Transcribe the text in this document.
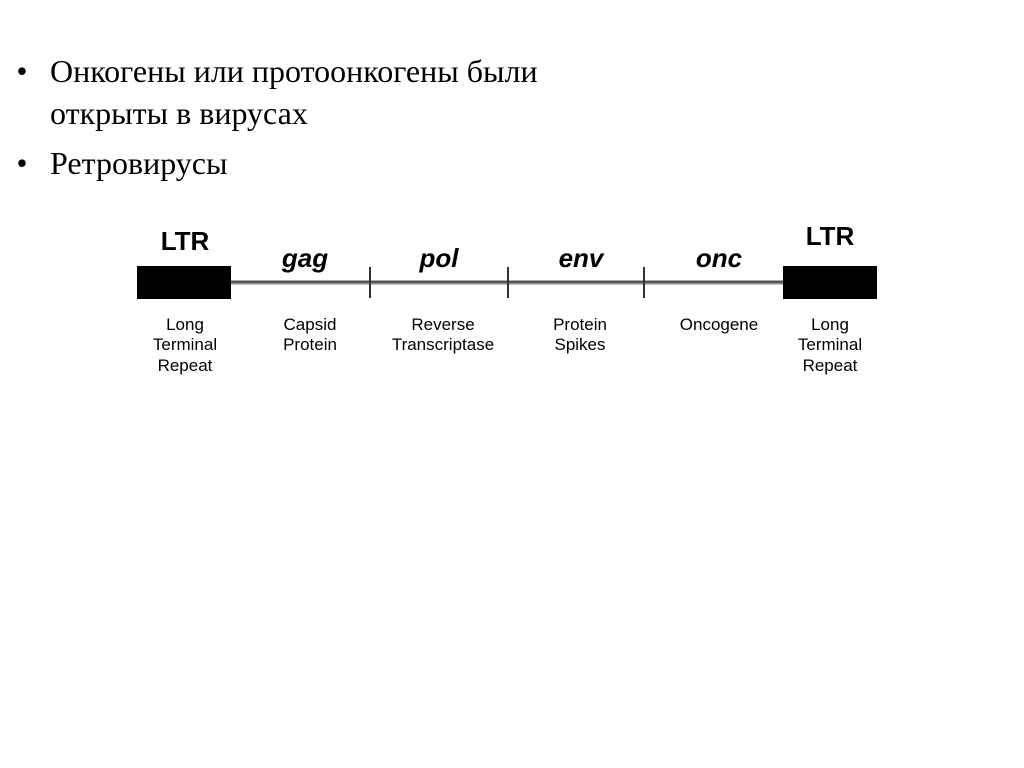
• Онкогены или протоонкогены были
открыты в вирусах
• Ретровирусы
LTR
gag	pol	env	onc
LTR
Long
Terminal
Repeat
Capsid
Protein
Reverse
Transcriptase
Protein
Spikes
Oncogene	Long
Terminal
Repeat
